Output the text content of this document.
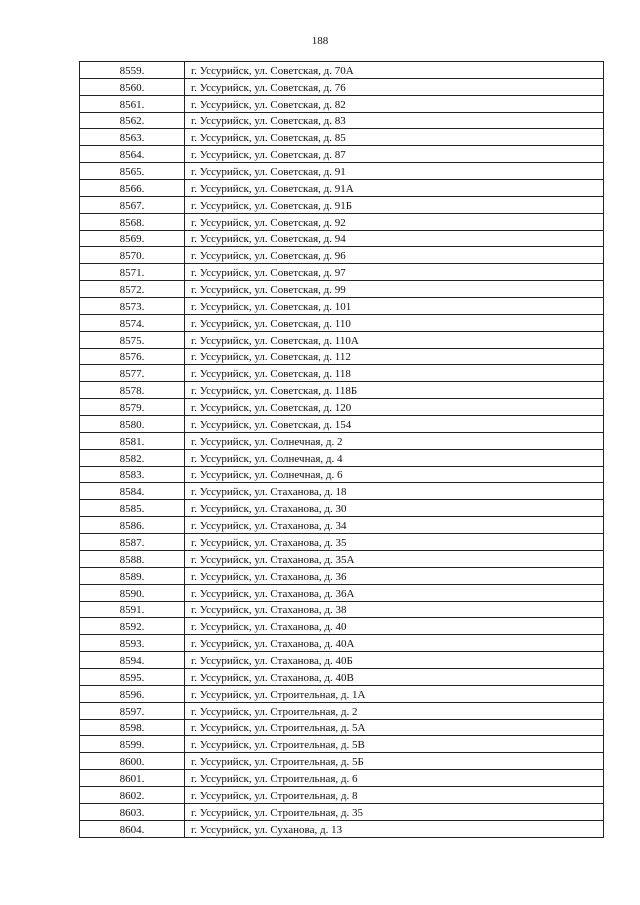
188
8559.	г. Уссурийск, ул. Советская, д. 70А
8560.	г. Уссурийск, ул. Советская, д. 76
8561.	г. Уссурийск, ул. Советская, д. 82
8562.	г. Уссурийск, ул. Советская, д. 83
8563.	г. Уссурийск, ул. Советская, д. 85
8564.	г. Уссурийск, ул. Советская, д. 87
8565.	г. Уссурийск, ул. Советская, д. 91
8566.	г. Уссурийск, ул. Советская, д. 91А
8567.	г. Уссурийск, ул. Советская, д. 91Б
8568.	г. Уссурийск, ул. Советская, д. 92
8569.	г. Уссурийск, ул. Советская, д. 94
8570.	г. Уссурийск, ул. Советская, д. 96
8571.	г. Уссурийск, ул. Советская, д. 97
8572.	г. Уссурийск, ул. Советская, д. 99
8573.	г. Уссурийск, ул. Советская, д. 101
8574.	г. Уссурийск, ул. Советская, д. 110
8575.	г. Уссурийск, ул. Советская, д. 110А
8576.	г. Уссурийск, ул. Советская, д. 112
8577.	г. Уссурийск, ул. Советская, д. 118
8578.	г. Уссурийск, ул. Советская, д. 118Б
8579.	г. Уссурийск, ул. Советская, д. 120
8580.	г. Уссурийск, ул. Советская, д. 154
8581.	г. Уссурийск, ул. Солнечная, д. 2
8582.	г. Уссурийск, ул. Солнечная, д. 4
8583.	г. Уссурийск, ул. Солнечная, д. 6
8584.	г. Уссурийск, ул. Стаханова, д. 18
8585.	г. Уссурийск, ул. Стаханова, д. 30
8586.	г. Уссурийск, ул. Стаханова, д. 34
8587.	г. Уссурийск, ул. Стаханова, д. 35
8588.	г. Уссурийск, ул. Стаханова, д. 35А
8589.	г. Уссурийск, ул. Стаханова, д. 36
8590.	г. Уссурийск, ул. Стаханова, д. 36А
8591.	г. Уссурийск, ул. Стаханова, д. 38
8592.	г. Уссурийск, ул. Стаханова, д. 40
8593.	г. Уссурийск, ул. Стаханова, д. 40А
8594.	г. Уссурийск, ул. Стаханова, д. 40Б
8595.	г. Уссурийск, ул. Стаханова, д. 40В
8596.	г. Уссурийск, ул. Строительная, д. 1А
8597.	г. Уссурийск, ул. Строительная, д. 2
8598.	г. Уссурийск, ул. Строительная, д. 5А
8599.	г. Уссурийск, ул. Строительная, д. 5В
8600.	г. Уссурийск, ул. Строительная, д. 5Б
8601.	г. Уссурийск, ул. Строительная, д. 6
8602.	г. Уссурийск, ул. Строительная, д. 8
8603.	г. Уссурийск, ул. Строительная, д. 35
8604.	г. Уссурийск, ул. Суханова, д. 13
